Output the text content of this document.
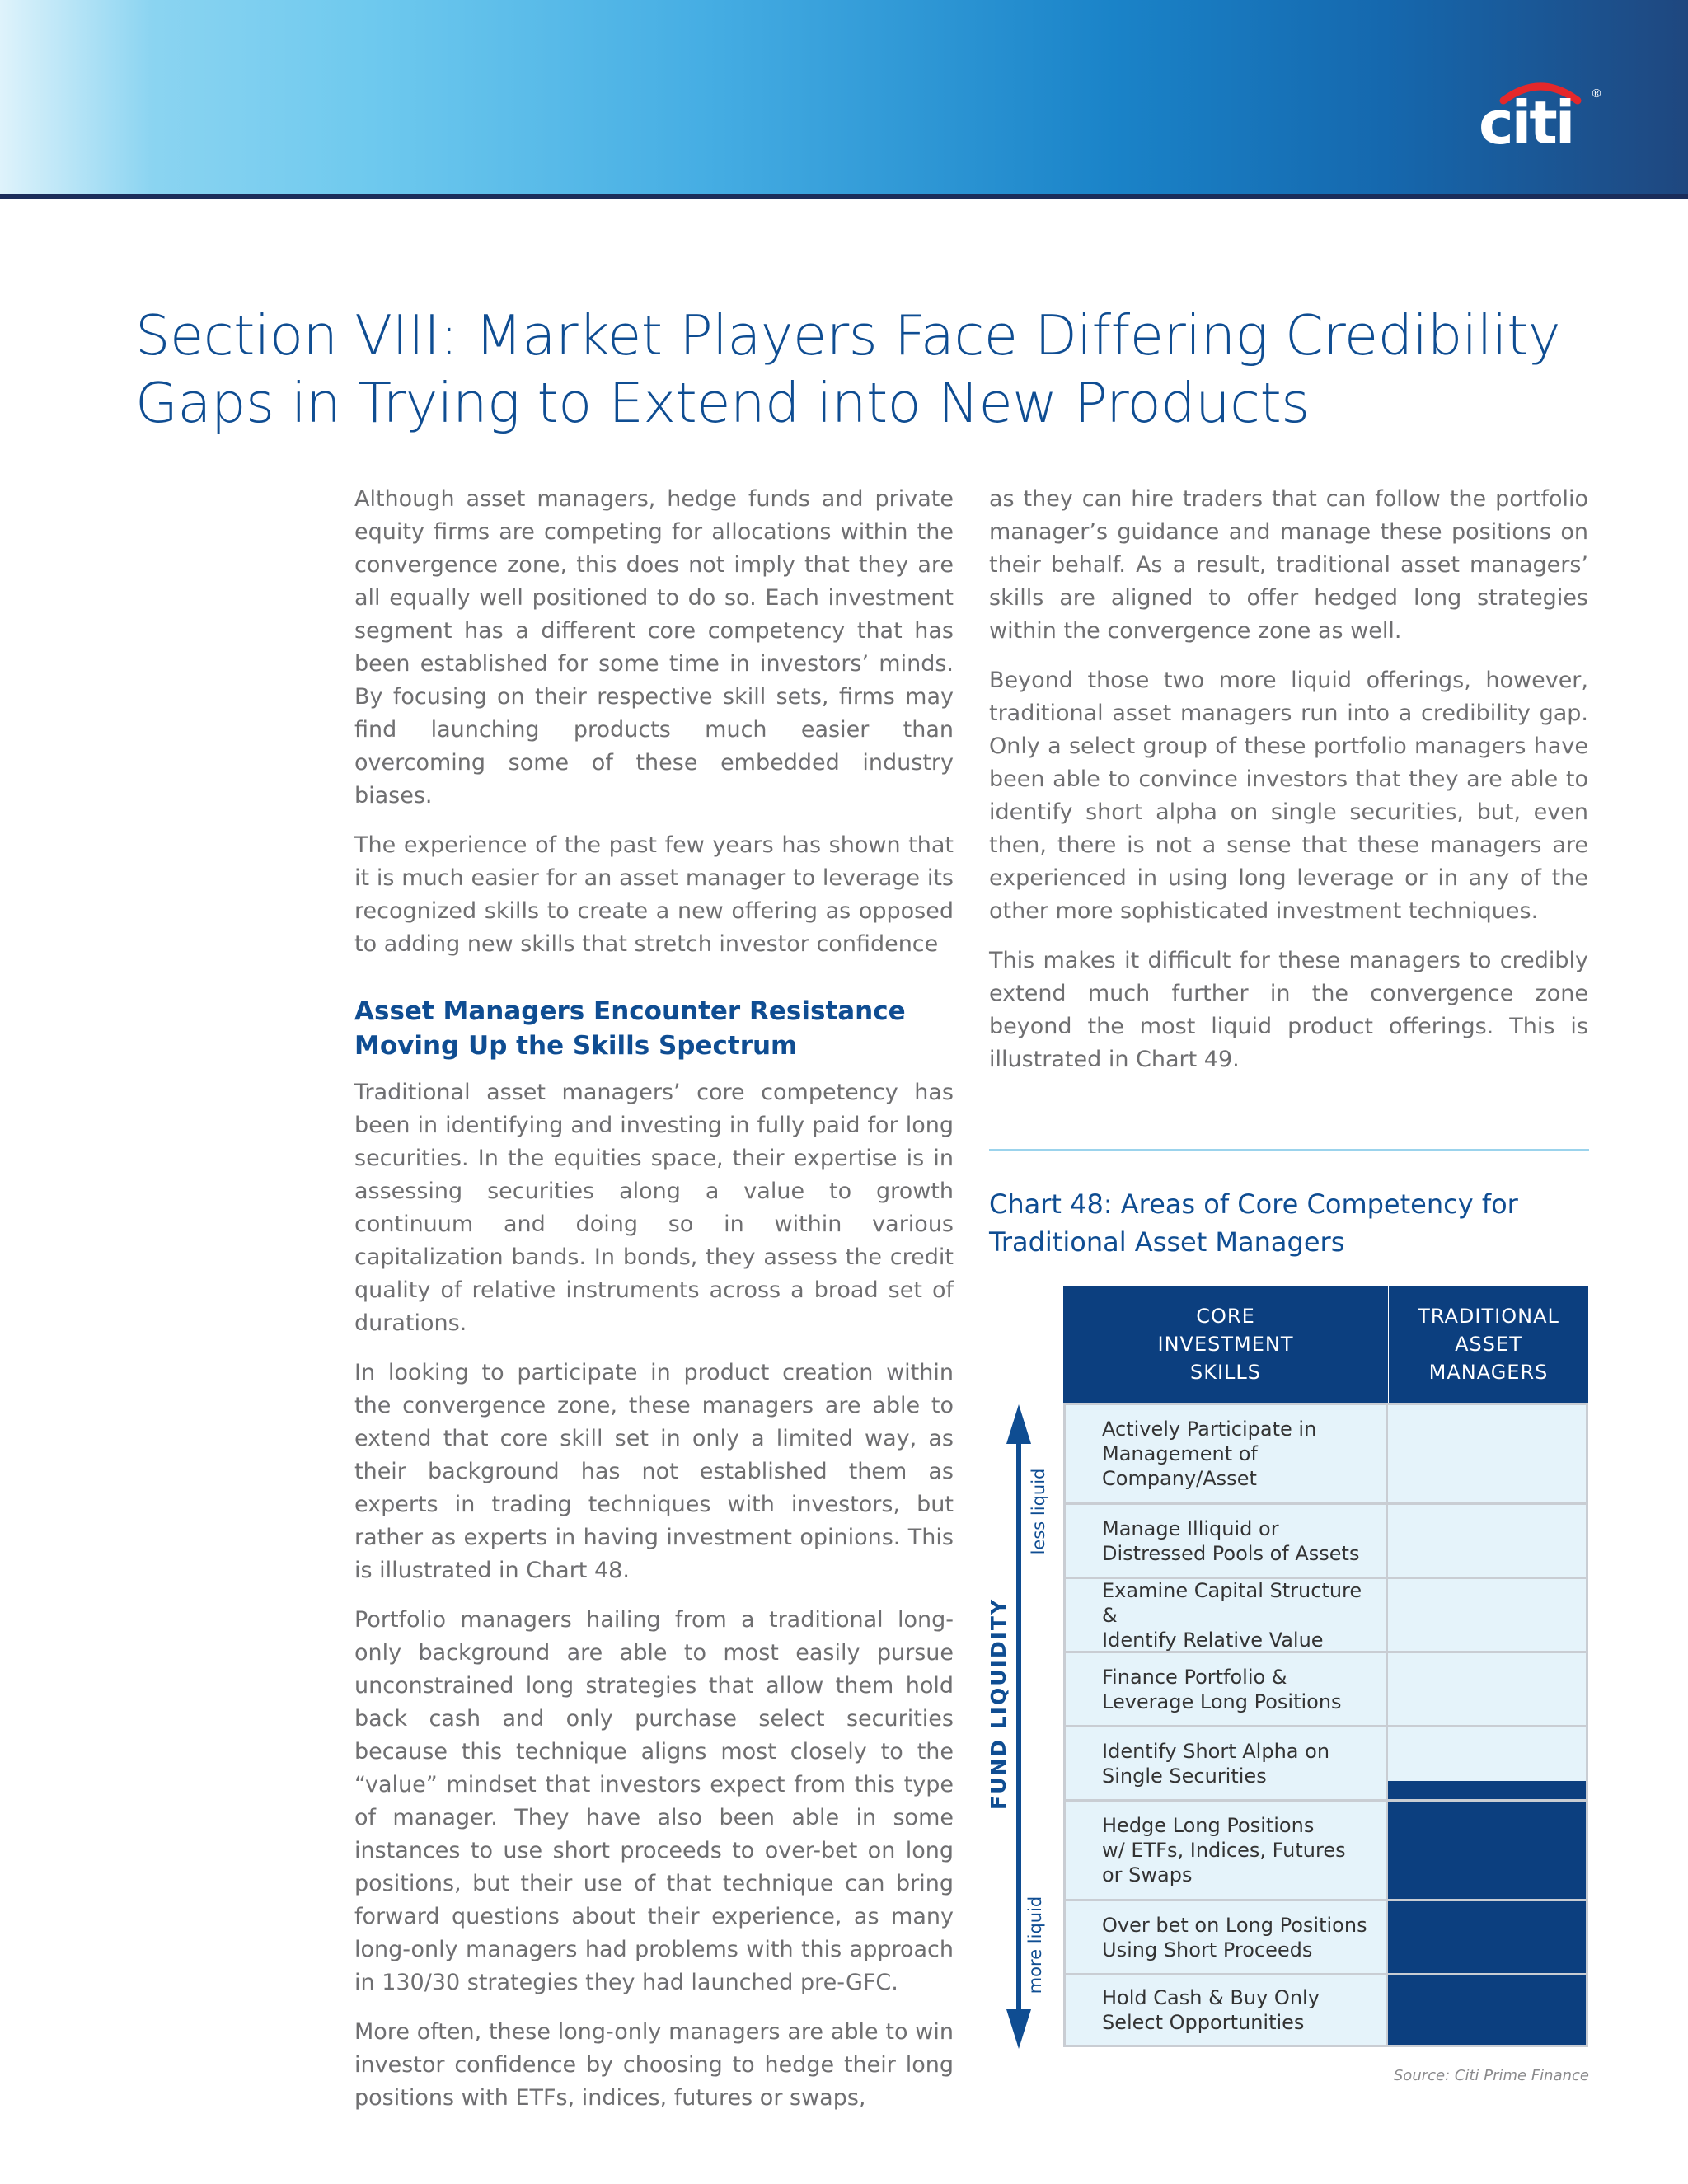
citi ®
Section VIII: Market Players Face Differing Credibility
Gaps in Trying to Extend into New Products

Although asset managers, hedge funds and private equity firms are competing for allocations within the convergence zone, this does not imply that they are all equally well positioned to do so. Each investment segment has a different core competency that has been established for some time in investors’ minds. By focusing on their respective skill sets, firms may find launching products much easier than overcoming some of these embedded industry biases.

The experience of the past few years has shown that it is much easier for an asset manager to leverage its recognized skills to create a new offering as opposed to adding new skills that stretch investor confidence

Asset Managers Encounter Resistance
Moving Up the Skills Spectrum

Traditional asset managers’ core competency has been in identifying and investing in fully paid for long securities. In the equities space, their expertise is in assessing securities along a value to growth continuum and doing so in within various capitalization bands. In bonds, they assess the credit quality of relative instruments across a broad set of durations.

In looking to participate in product creation within the convergence zone, these managers are able to extend that core skill set in only a limited way, as their background has not established them as experts in trading techniques with investors, but rather as experts in having investment opinions. This is illustrated in Chart 48.

Portfolio managers hailing from a traditional long-only background are able to most easily pursue unconstrained long strategies that allow them hold back cash and only purchase select securities because this technique aligns most closely to the “value” mindset that investors expect from this type of manager. They have also been able in some instances to use short proceeds to over-bet on long positions, but their use of that technique can bring forward questions about their experience, as many long-only managers had problems with this approach in 130/30 strategies they had launched pre-GFC.

More often, these long-only managers are able to win investor confidence by choosing to hedge their long positions with ETFs, indices, futures or swaps,

as they can hire traders that can follow the portfolio manager’s guidance and manage these positions on their behalf. As a result, traditional asset managers’ skills are aligned to offer hedged long strategies within the convergence zone as well.

Beyond those two more liquid offerings, however, traditional asset managers run into a credibility gap. Only a select group of these portfolio managers have been able to convince investors that they are able to identify short alpha on single securities, but, even then, there is not a sense that these managers are experienced in using long leverage or in any of the other more sophisticated investment techniques.

This makes it difficult for these managers to credibly extend much further in the convergence zone beyond the most liquid product offerings. This is illustrated in Chart 49.

Chart 48: Areas of Core Competency for
Traditional Asset Managers
CORE
INVESTMENT
SKILLS
TRADITIONAL
ASSET
MANAGERS
Actively Participate in
Management of
Company/Asset
Manage Illiquid or
Distressed Pools of Assets
Examine Capital Structure &
Identify Relative Value
Finance Portfolio &
Leverage Long Positions
Identify Short Alpha on
Single Securities
Hedge Long Positions
w/ ETFs, Indices, Futures
or Swaps
Over bet on Long Positions
Using Short Proceeds
Hold Cash & Buy Only
Select Opportunities
less liquid
FUND LIQUIDITY
more liquid
Source: Citi Prime Finance
